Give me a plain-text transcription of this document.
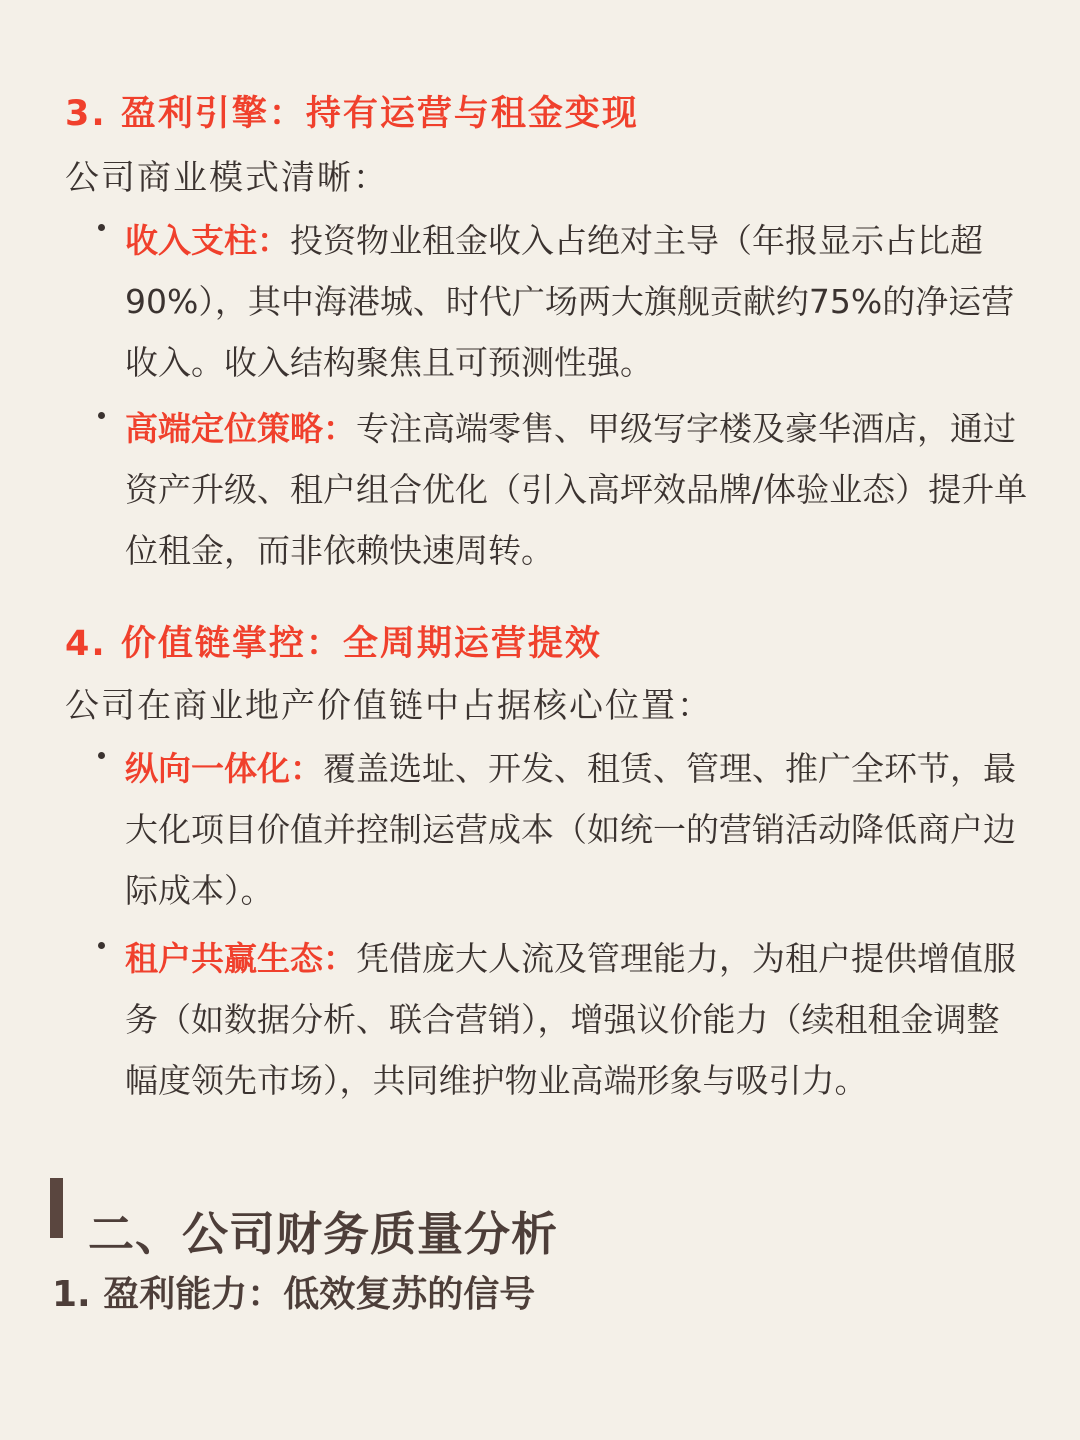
3. 盈利引擎：持有运营与租金变现
公司商业模式清晰：
收入支柱：投资物业租金收入占绝对主导（年报显示占比超90%），其中海港城、时代广场两大旗舰贡献约75%的净运营收入。收入结构聚焦且可预测性强。
高端定位策略：专注高端零售、甲级写字楼及豪华酒店，通过资产升级、租户组合优化（引入高坪效品牌/体验业态）提升单位租金，而非依赖快速周转。
4. 价值链掌控：全周期运营提效
公司在商业地产价值链中占据核心位置：
纵向一体化：覆盖选址、开发、租赁、管理、推广全环节，最大化项目价值并控制运营成本（如统一的营销活动降低商户边际成本）。
租户共赢生态：凭借庞大人流及管理能力，为租户提供增值服务（如数据分析、联合营销），增强议价能力（续租租金调整幅度领先市场），共同维护物业高端形象与吸引力。
二、公司财务质量分析
1. 盈利能力：低效复苏的信号
